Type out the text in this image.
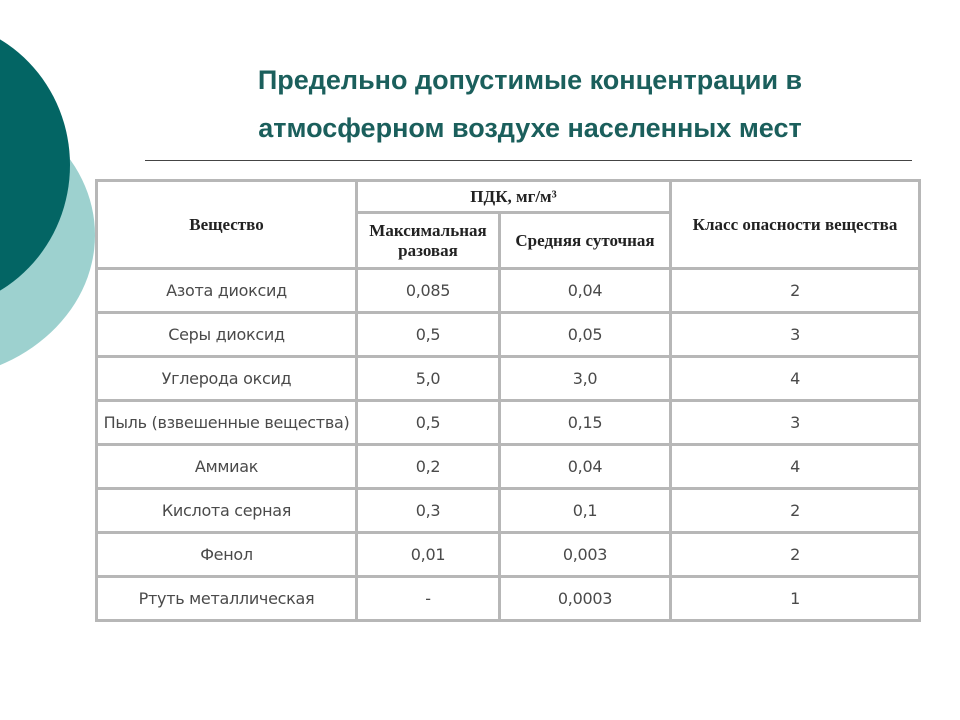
Предельно допустимые концентрации в
атмосферном воздухе населенных мест
Вещество	ПДК, мг/м³		Класс опасности вещества
	Максимальная разовая	Средняя суточная	

Азота диоксид	0,085	0,04	2

Серы диоксид	0,5	0,05	3

Углерода оксид	5,0	3,0	4

Пыль (взвешенные вещества)	0,5	0,15	3

Аммиак	0,2	0,04	4

Кислота серная	0,3	0,1	2

Фенол	0,01	0,003	2

Ртуть металлическая	-	0,0003	1
